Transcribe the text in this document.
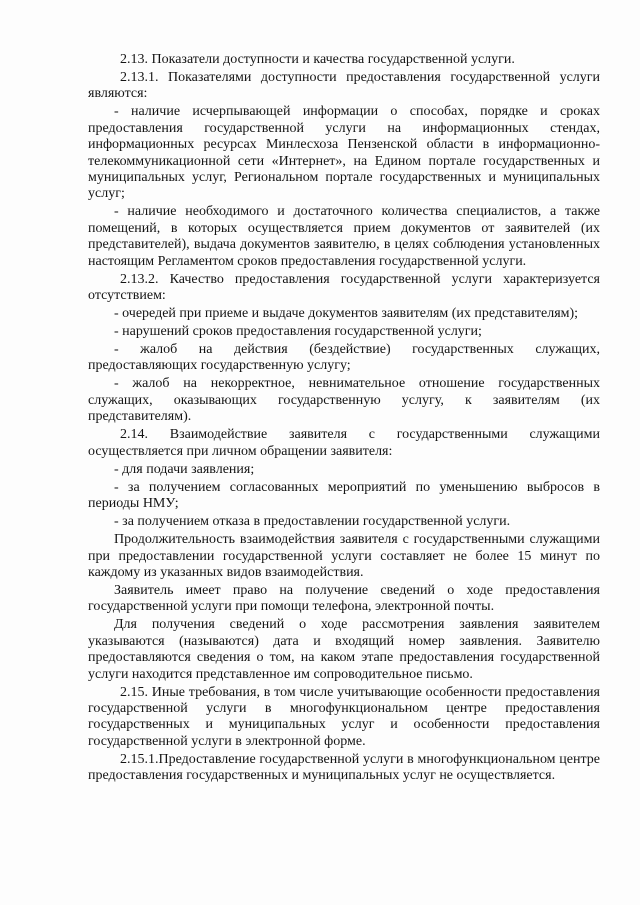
2.13. Показатели доступности и качества государственной услуги.

2.13.1. Показателями доступности предоставления государственной услуги являются:

- наличие исчерпывающей информации о способах, порядке и сроках предоставления государственной услуги на информационных стендах, информационных ресурсах Минлесхоза Пензенской области в информационно-телекоммуникационной сети «Интернет», на Едином портале государственных и муниципальных услуг, Региональном портале государственных и муниципальных услуг;

- наличие необходимого и достаточного количества специалистов, а также помещений, в которых осуществляется прием документов от заявителей (их представителей), выдача документов заявителю, в целях соблюдения установленных настоящим Регламентом сроков предоставления государственной услуги.

2.13.2. Качество предоставления государственной услуги характеризуется отсутствием:

- очередей при приеме и выдаче документов заявителям (их представителям);

- нарушений сроков предоставления государственной услуги;

- жалоб на действия (бездействие) государственных служащих, предоставляющих государственную услугу;

- жалоб на некорректное, невнимательное отношение государственных служащих, оказывающих государственную услугу, к заявителям (их представителям).

2.14. Взаимодействие заявителя с государственными служащими осуществляется при личном обращении заявителя:

- для подачи заявления;

- за получением согласованных мероприятий по уменьшению выбросов в периоды НМУ;

- за получением отказа в предоставлении государственной услуги.

Продолжительность взаимодействия заявителя с государственными служащими при предоставлении государственной услуги составляет не более 15 минут по каждому из указанных видов взаимодействия.

Заявитель имеет право на получение сведений о ходе предоставления государственной услуги при помощи телефона, электронной почты.

Для получения сведений о ходе рассмотрения заявления заявителем указываются (называются) дата и входящий номер заявления. Заявителю предоставляются сведения о том, на каком этапе предоставления государственной услуги находится представленное им сопроводительное письмо.

2.15. Иные требования, в том числе учитывающие особенности предоставления государственной услуги в многофункциональном центре предоставления государственных и муниципальных услуг и особенности предоставления государственной услуги в электронной форме.

2.15.1.Предоставление государственной услуги в многофункциональном центре предоставления государственных и муниципальных услуг не осуществляется.
